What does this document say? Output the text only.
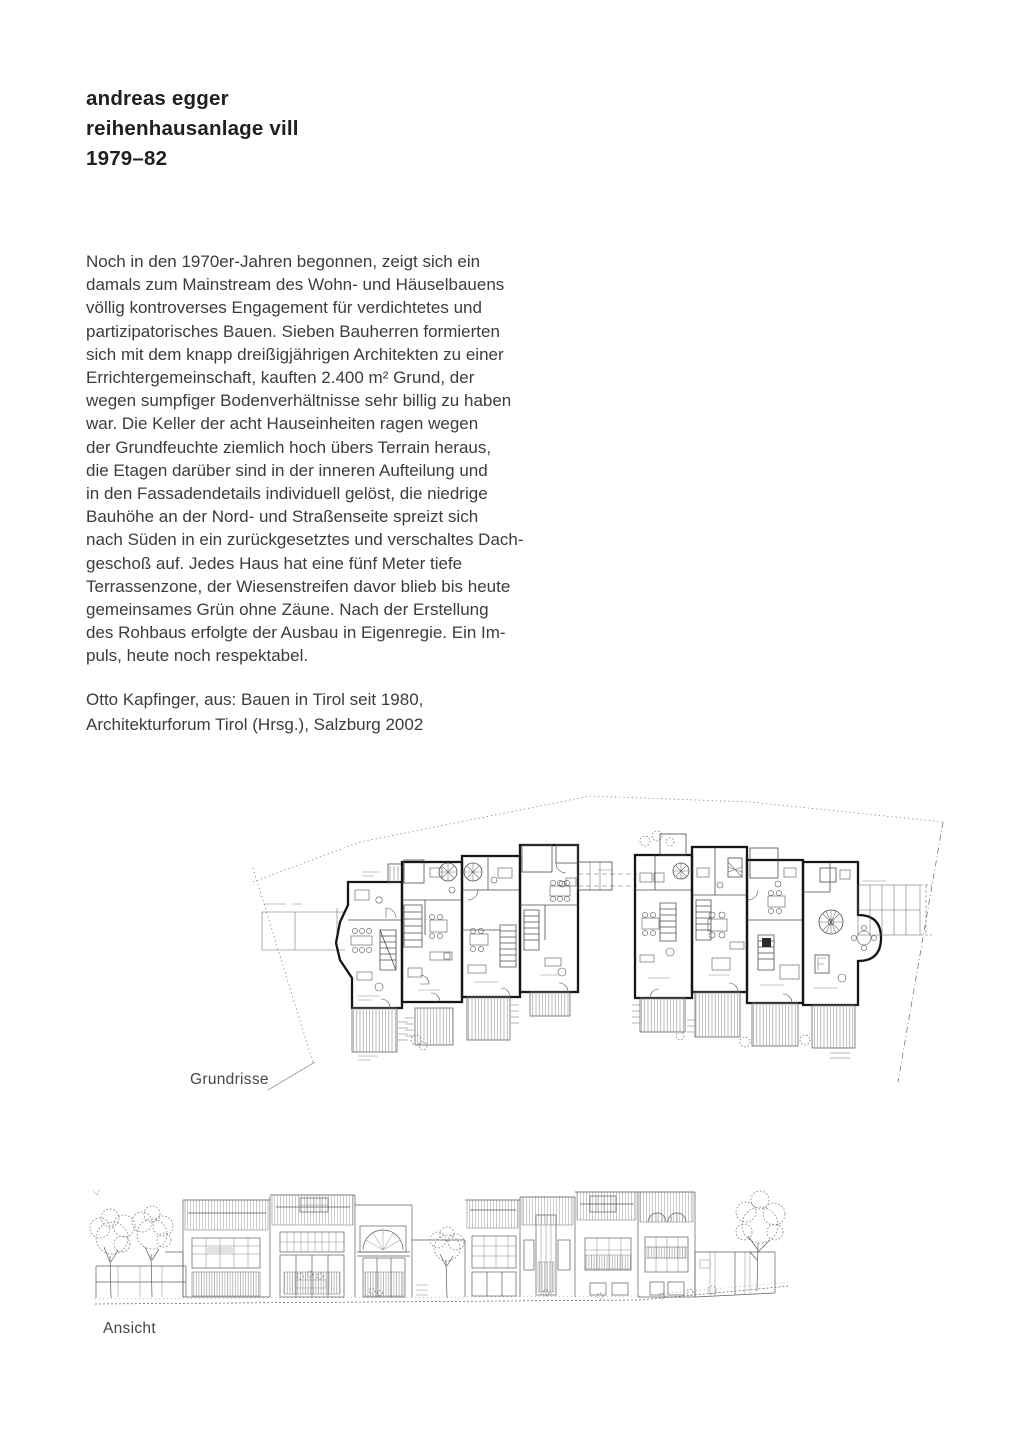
andreas egger
reihenhausanlage vill
1979–82
Noch in den 1970er-Jahren begonnen, zeigt sich ein
damals zum Mainstream des Wohn- und Häuselbauens
völlig kontroverses Engagement für verdichtetes und
partizipatorisches Bauen. Sieben Bauherren formierten
sich mit dem knapp dreißigjährigen Architekten zu einer
Errichtergemeinschaft, kauften 2.400 m² Grund, der
wegen sumpfiger Bodenverhältnisse sehr billig zu haben
war. Die Keller der acht Hauseinheiten ragen wegen
der Grundfeuchte ziemlich hoch übers Terrain heraus,
die Etagen darüber sind in der inneren Aufteilung und
in den Fassadendetails individuell gelöst, die niedrige
Bauhöhe an der Nord- und Straßenseite spreizt sich
nach Süden in ein zurückgesetztes und verschaltes Dach-
geschoß auf. Jedes Haus hat eine fünf Meter tiefe
Terrassenzone, der Wiesenstreifen davor blieb bis heute
gemeinsames Grün ohne Zäune. Nach der Erstellung
des Rohbaus erfolgte der Ausbau in Eigenregie. Ein Im-
puls, heute noch respektabel.
Otto Kapfinger, aus: Bauen in Tirol seit 1980,
Architekturforum Tirol (Hrsg.), Salzburg 2002
Grundrisse
Ansicht
